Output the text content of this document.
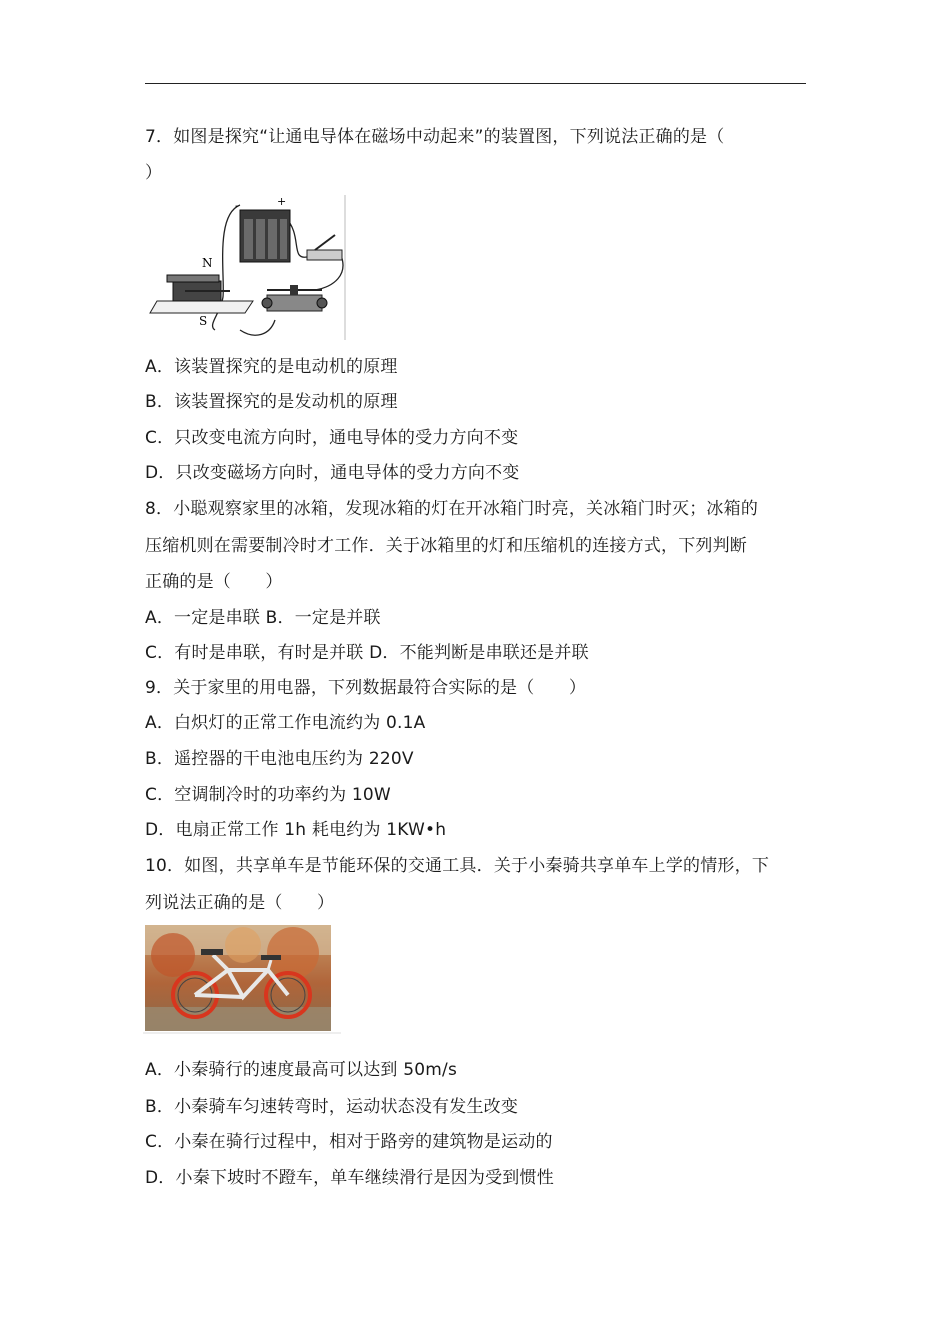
7．如图是探究“让通电导体在磁场中动起来”的装置图，下列说法正确的是（
）
-	+
N
S
A．该装置探究的是电动机的原理
B．该装置探究的是发动机的原理
C．只改变电流方向时，通电导体的受力方向不变
D．只改变磁场方向时，通电导体的受力方向不变
8．小聪观察家里的冰箱，发现冰箱的灯在开冰箱门时亮，关冰箱门时灭；冰箱的
压缩机则在需要制冷时才工作．关于冰箱里的灯和压缩机的连接方式，下列判断
正确的是（　　）
A．一定是串联 B．一定是并联
C．有时是串联，有时是并联 D．不能判断是串联还是并联
9．关于家里的用电器，下列数据最符合实际的是（　　）
A．白炽灯的正常工作电流约为 0.1A
B．遥控器的干电池电压约为 220V
C．空调制冷时的功率约为 10W
D．电扇正常工作 1h 耗电约为 1KW•h
10．如图，共享单车是节能环保的交通工具．关于小秦骑共享单车上学的情形，下
列说法正确的是（　　）
A．小秦骑行的速度最高可以达到 50m/s
B．小秦骑车匀速转弯时，运动状态没有发生改变
C．小秦在骑行过程中，相对于路旁的建筑物是运动的
D．小秦下坡时不蹬车，单车继续滑行是因为受到惯性
